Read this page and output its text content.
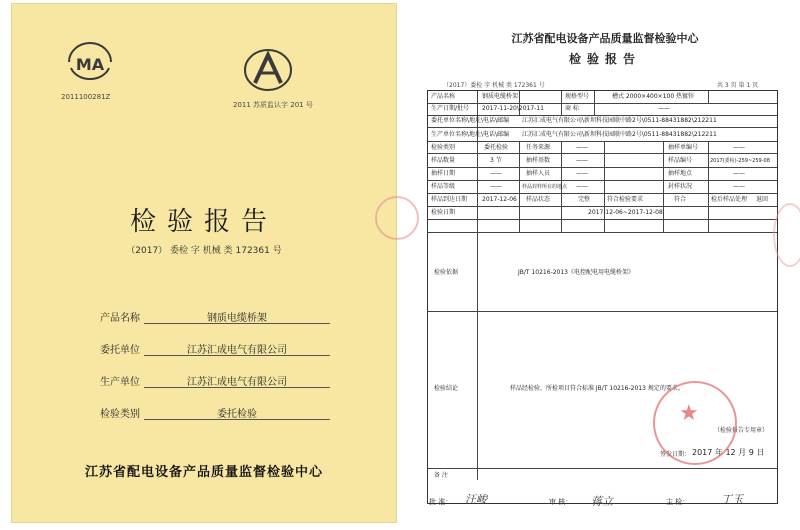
MA
2011100281Z
2011 苏质监认字 201 号
检验报告
（2017） 委检 字 机械 类 172361 号
产品名称	钢质电缆桥架
委托单位	江苏汇成电气有限公司
生产单位	江苏汇成电气有限公司
检验类别	委托检验
江苏省配电设备产品质量监督检验中心
江苏省配电设备产品质量监督检验中心
检验报告
（2017）委检 字 机械 类 172361 号	共 3 页 第 1 页
产品名称	钢质电缆桥架	规格型号	槽式 2000×400×100 热镀锌
生产日期/批号 2017-11-20\2017-11	商 标	——
委托单位名称\地址\电话\邮编 江苏汇成电气有限公司\新坝科技园联中路2号\0511-88431882\212211
生产单位名称\地址\电话\邮编 江苏汇成电气有限公司\新坝科技园联中路2号\0511-88431882\212211
检验类别	委托检验	任务来源	——	抽样单编号	——
样品数量	3 节	抽样基数	——	样品编号	2017(委检)-259~259-08
抽样日期	——	抽样人员	——	抽样地点	——
样品等级	——	样品封样所在的地点 ——	封样状况	——
样品到达日期 2017-12-06 样品状态	完整	符合检验要求	符合	检后样品处理 退回
检验日期	2017-12-06~2017-12-08
检验依据	JB/T 10216-2013《电控配电用电缆桥架》
检验结论	样品经检验，所检项目符合标准 JB/T 10216-2013 规定的要求。
（检验报告专用章）
签发日期： 2017 年 12 月 9 日
备 注
★
批 准： 汪峻	审 核： 蒋立	主 检：	丁玉
